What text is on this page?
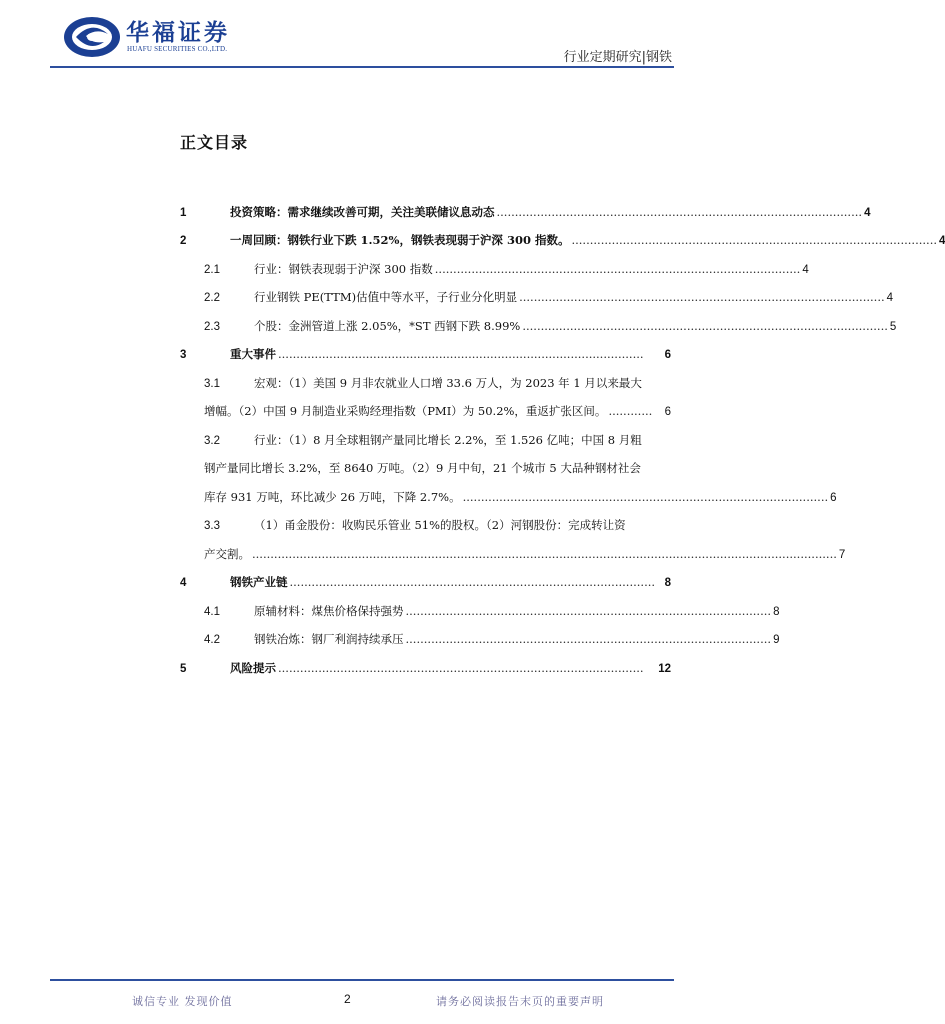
华福证券
HUAFU SECURITIES CO.,LTD.
行业定期研究|钢铁
正文目录
1	投资策略：需求继续改善可期，关注美联储议息动态 .................................................................................................... 4
2	一周回顾：钢铁行业下跌 1.52%，钢铁表现弱于沪深 300 指数。 .................................................................................................... 4
2.1	行业：钢铁表现弱于沪深 300 指数 .................................................................................................... 4
2.2	行业钢铁 PE(TTM)估值中等水平，子行业分化明显 .................................................................................................... 4
2.3	个股：金洲管道上涨 2.05%，*ST 西钢下跌 8.99% .................................................................................................... 5
3	重大事件 ....................................................................................................	6
3.1	宏观：（1）美国 9 月非农就业人口增 33.6 万人，为 2023 年 1 月以来最大
增幅。（2）中国 9 月制造业采购经理指数（PMI）为 50.2%，重返扩张区间。 ............	6
3.2	行业：（1）8 月全球粗钢产量同比增长 2.2%，至 1.526 亿吨；中国 8 月粗
钢产量同比增长 3.2%，至 8640 万吨。（2）9 月中旬，21 个城市 5 大品种钢材社会
库存 931 万吨，环比减少 26 万吨，下降 2.7%。 .................................................................................................... 6
3.3	（1）甬金股份：收购民乐管业 51%的股权。（2）河钢股份：完成转让资
产交割。 ................................................................................................................................................................ 7
4	钢铁产业链 .................................................................................................... 8
4.1	原辅材料：煤焦价格保持强势 .................................................................................................... 8
4.2	钢铁冶炼：钢厂利润持续承压 .................................................................................................... 9
5	风险提示 ....................................................................................................	12
诚信专业 发现价值	2	请务必阅读报告末页的重要声明
